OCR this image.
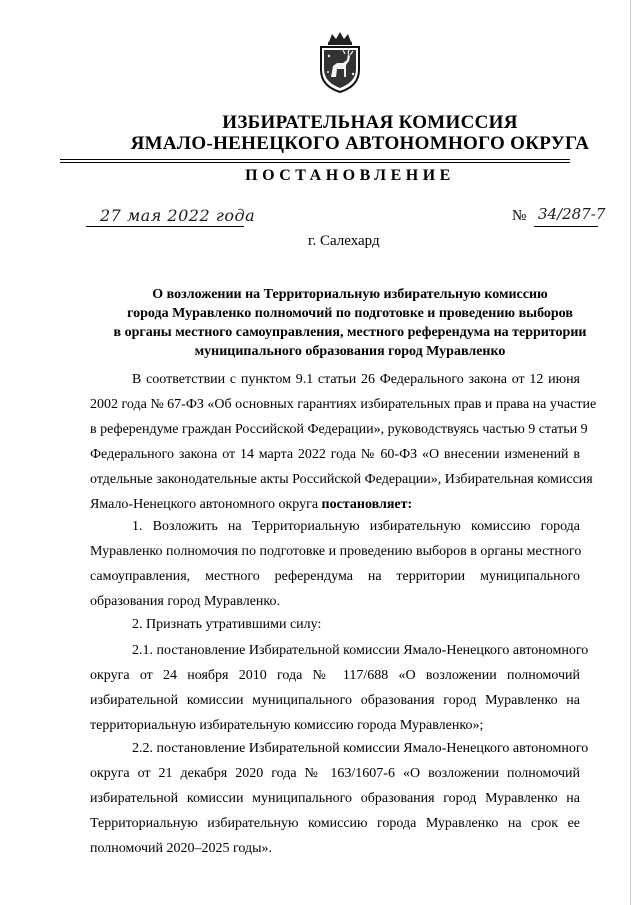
ИЗБИРАТЕЛЬНАЯ КОМИССИЯ
ЯМАЛО-НЕНЕЦКОГО АВТОНОМНОГО ОКРУГА
ПОСТАНОВЛЕНИЕ
27 мая 2022 года	№ 34/287-7
г. Салехард
О возложении на Территориальную избирательную комиссию
города Муравленко полномочий по подготовке и проведению выборов
в органы местного самоуправления, местного референдума на территории
муниципального образования город Муравленко
В соответствии с пунктом 9.1 статьи 26 Федерального закона от 12 июня
2002 года № 67-ФЗ «Об основных гарантиях избирательных прав и права на участие
в референдуме граждан Российской Федерации», руководствуясь частью 9 статьи 9
Федерального закона от 14 марта 2022 года № 60-ФЗ «О внесении изменений в
отдельные законодательные акты Российской Федерации», Избирательная комиссия
Ямало-Ненецкого автономного округа постановляет:
1. Возложить на Территориальную избирательную комиссию города
Муравленко полномочия по подготовке и проведению выборов в органы местного
самоуправления, местного референдума на территории муниципального
образования город Муравленко.
2. Признать утратившими силу:
2.1. постановление Избирательной комиссии Ямало-Ненецкого автономного
округа от 24 ноября 2010 года № 117/688 «О возложении полномочий
избирательной комиссии муниципального образования город Муравленко на
территориальную избирательную комиссию города Муравленко»;
2.2. постановление Избирательной комиссии Ямало-Ненецкого автономного
округа от 21 декабря 2020 года № 163/1607-6 «О возложении полномочий
избирательной комиссии муниципального образования город Муравленко на
Территориальную избирательную комиссию города Муравленко на срок ее
полномочий 2020–2025 годы».
